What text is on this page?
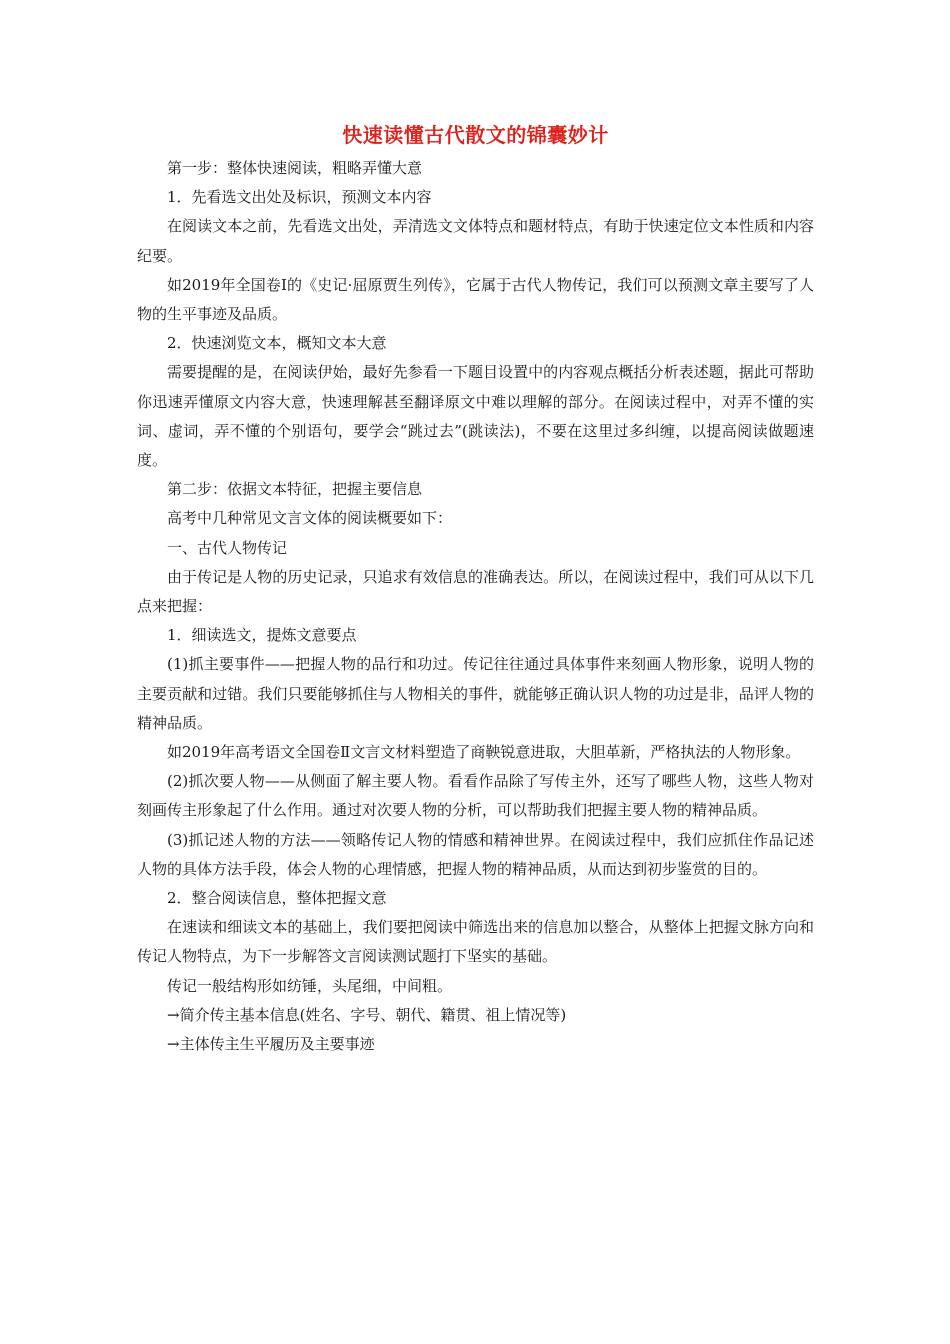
快速读懂古代散文的锦囊妙计

第一步：整体快速阅读，粗略弄懂大意

1．先看选文出处及标识，预测文本内容

在阅读文本之前，先看选文出处，弄清选文文体特点和题材特点，有助于快速定位文本性质和内容纪要。

如2019年全国卷Ⅰ的《史记·屈原贾生列传》，它属于古代人物传记，我们可以预测文章主要写了人物的生平事迹及品质。

2．快速浏览文本，概知文本大意

需要提醒的是，在阅读伊始，最好先参看一下题目设置中的内容观点概括分析表述题，据此可帮助你迅速弄懂原文内容大意，快速理解甚至翻译原文中难以理解的部分。在阅读过程中，对弄不懂的实词、虚词，弄不懂的个别语句，要学会“跳过去”(跳读法)，不要在这里过多纠缠，以提高阅读做题速度。

第二步：依据文本特征，把握主要信息

高考中几种常见文言文体的阅读概要如下：

一、古代人物传记

由于传记是人物的历史记录，只追求有效信息的准确表达。所以，在阅读过程中，我们可从以下几点来把握：

1．细读选文，提炼文意要点

(1)抓主要事件——把握人物的品行和功过。传记往往通过具体事件来刻画人物形象，说明人物的主要贡献和过错。我们只要能够抓住与人物相关的事件，就能够正确认识人物的功过是非，品评人物的精神品质。

如2019年高考语文全国卷Ⅱ文言文材料塑造了商鞅锐意进取，大胆革新，严格执法的人物形象。

(2)抓次要人物——从侧面了解主要人物。看看作品除了写传主外，还写了哪些人物，这些人物对刻画传主形象起了什么作用。通过对次要人物的分析，可以帮助我们把握主要人物的精神品质。

(3)抓记述人物的方法——领略传记人物的情感和精神世界。在阅读过程中，我们应抓住作品记述人物的具体方法手段，体会人物的心理情感，把握人物的精神品质，从而达到初步鉴赏的目的。

2．整合阅读信息，整体把握文意

在速读和细读文本的基础上，我们要把阅读中筛选出来的信息加以整合，从整体上把握文脉方向和传记人物特点，为下一步解答文言阅读测试题打下坚实的基础。

传记一般结构形如纺锤，头尾细，中间粗。

→简介传主基本信息(姓名、字号、朝代、籍贯、祖上情况等)

→主体传主生平履历及主要事迹
